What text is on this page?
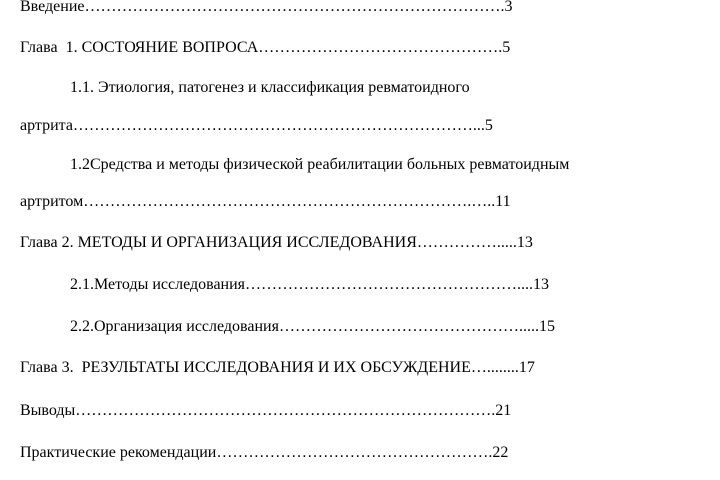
Введение…………………………………………………………………….3
Глава  1. СОСТОЯНИЕ ВОПРОСА……………………………………….5
1.1. Этиология, патогенез и классификация ревматоидного
артрита…………………………………………………………………...5
1.2Средства и методы физической реабилитации больных ревматоидным
артритом……………………………………………………………….…..11
Глава 2. МЕТОДЫ И ОРГАНИЗАЦИЯ ИССЛЕДОВАНИЯ…………….....13
2.1.Методы исследования……………………………………………....13
2.2.Организация исследования……………………………………….....15
Глава 3.  РЕЗУЛЬТАТЫ ИССЛЕДОВАНИЯ И ИХ ОБСУЖДЕНИЕ…........17
Выводы…………………………………………………………………….21
Практические рекомендации…………………………………………….22
